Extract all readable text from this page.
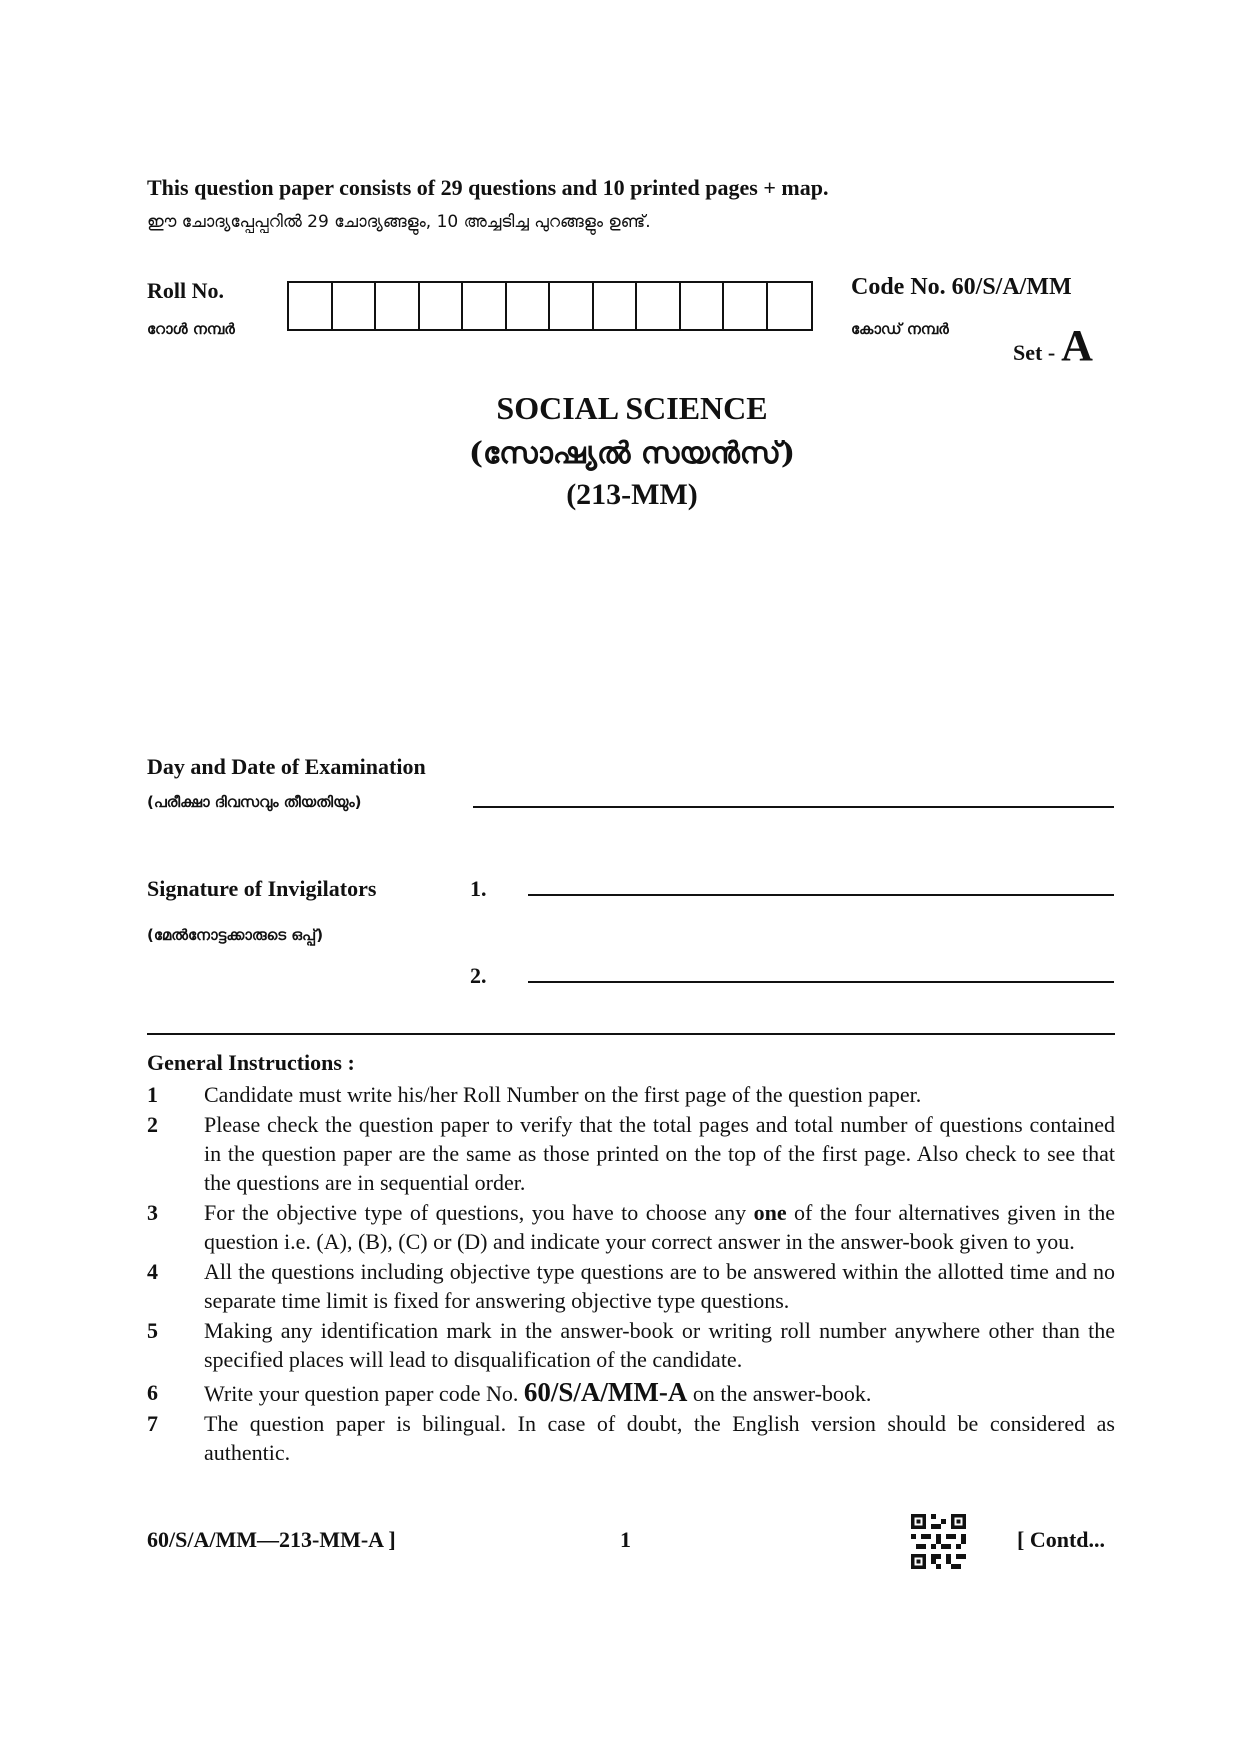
This question paper consists of 29 questions and 10 printed pages + map.
ഈ ചോദ്യപ്പേപ്പറിൽ 29 ചോദ്യങ്ങളും, 10 അച്ചടിച്ച പുറങ്ങളും ഉണ്ട്.
Roll No.
റോൾ നമ്പർ
Code No. 60/S/A/MM
കോഡ് നമ്പർ
Set - A
SOCIAL SCIENCE
(സോഷ്യൽ സയൻസ്)
(213-MM)
Day and Date of Examination
(പരീക്ഷാ ദിവസവും തീയതിയും)
Signature of Invigilators
(മേൽനോട്ടക്കാരുടെ ഒപ്പ്)
1.
2.
General Instructions :
1	Candidate must write his/her Roll Number on the first page of the question paper.
2	Please check the question paper to verify that the total pages and total number of questions contained in the question paper are the same as those printed on the top of the first page. Also check to see that the questions are in sequential order.
3	For the objective type of questions, you have to choose any one of the four alternatives given in the question i.e. (A), (B), (C) or (D) and indicate your correct answer in the answer-book given to you.
4	All the questions including objective type questions are to be answered within the allotted time and no separate time limit is fixed for answering objective type questions.
5	Making any identification mark in the answer-book or writing roll number anywhere other than the specified places will lead to disqualification of the candidate.
6	Write your question paper code No. 60/S/A/MM-A on the answer-book.
7	The question paper is bilingual. In case of doubt, the English version should be considered as authentic.
60/S/A/MM—213-MM-A ]	1	[ Contd...
